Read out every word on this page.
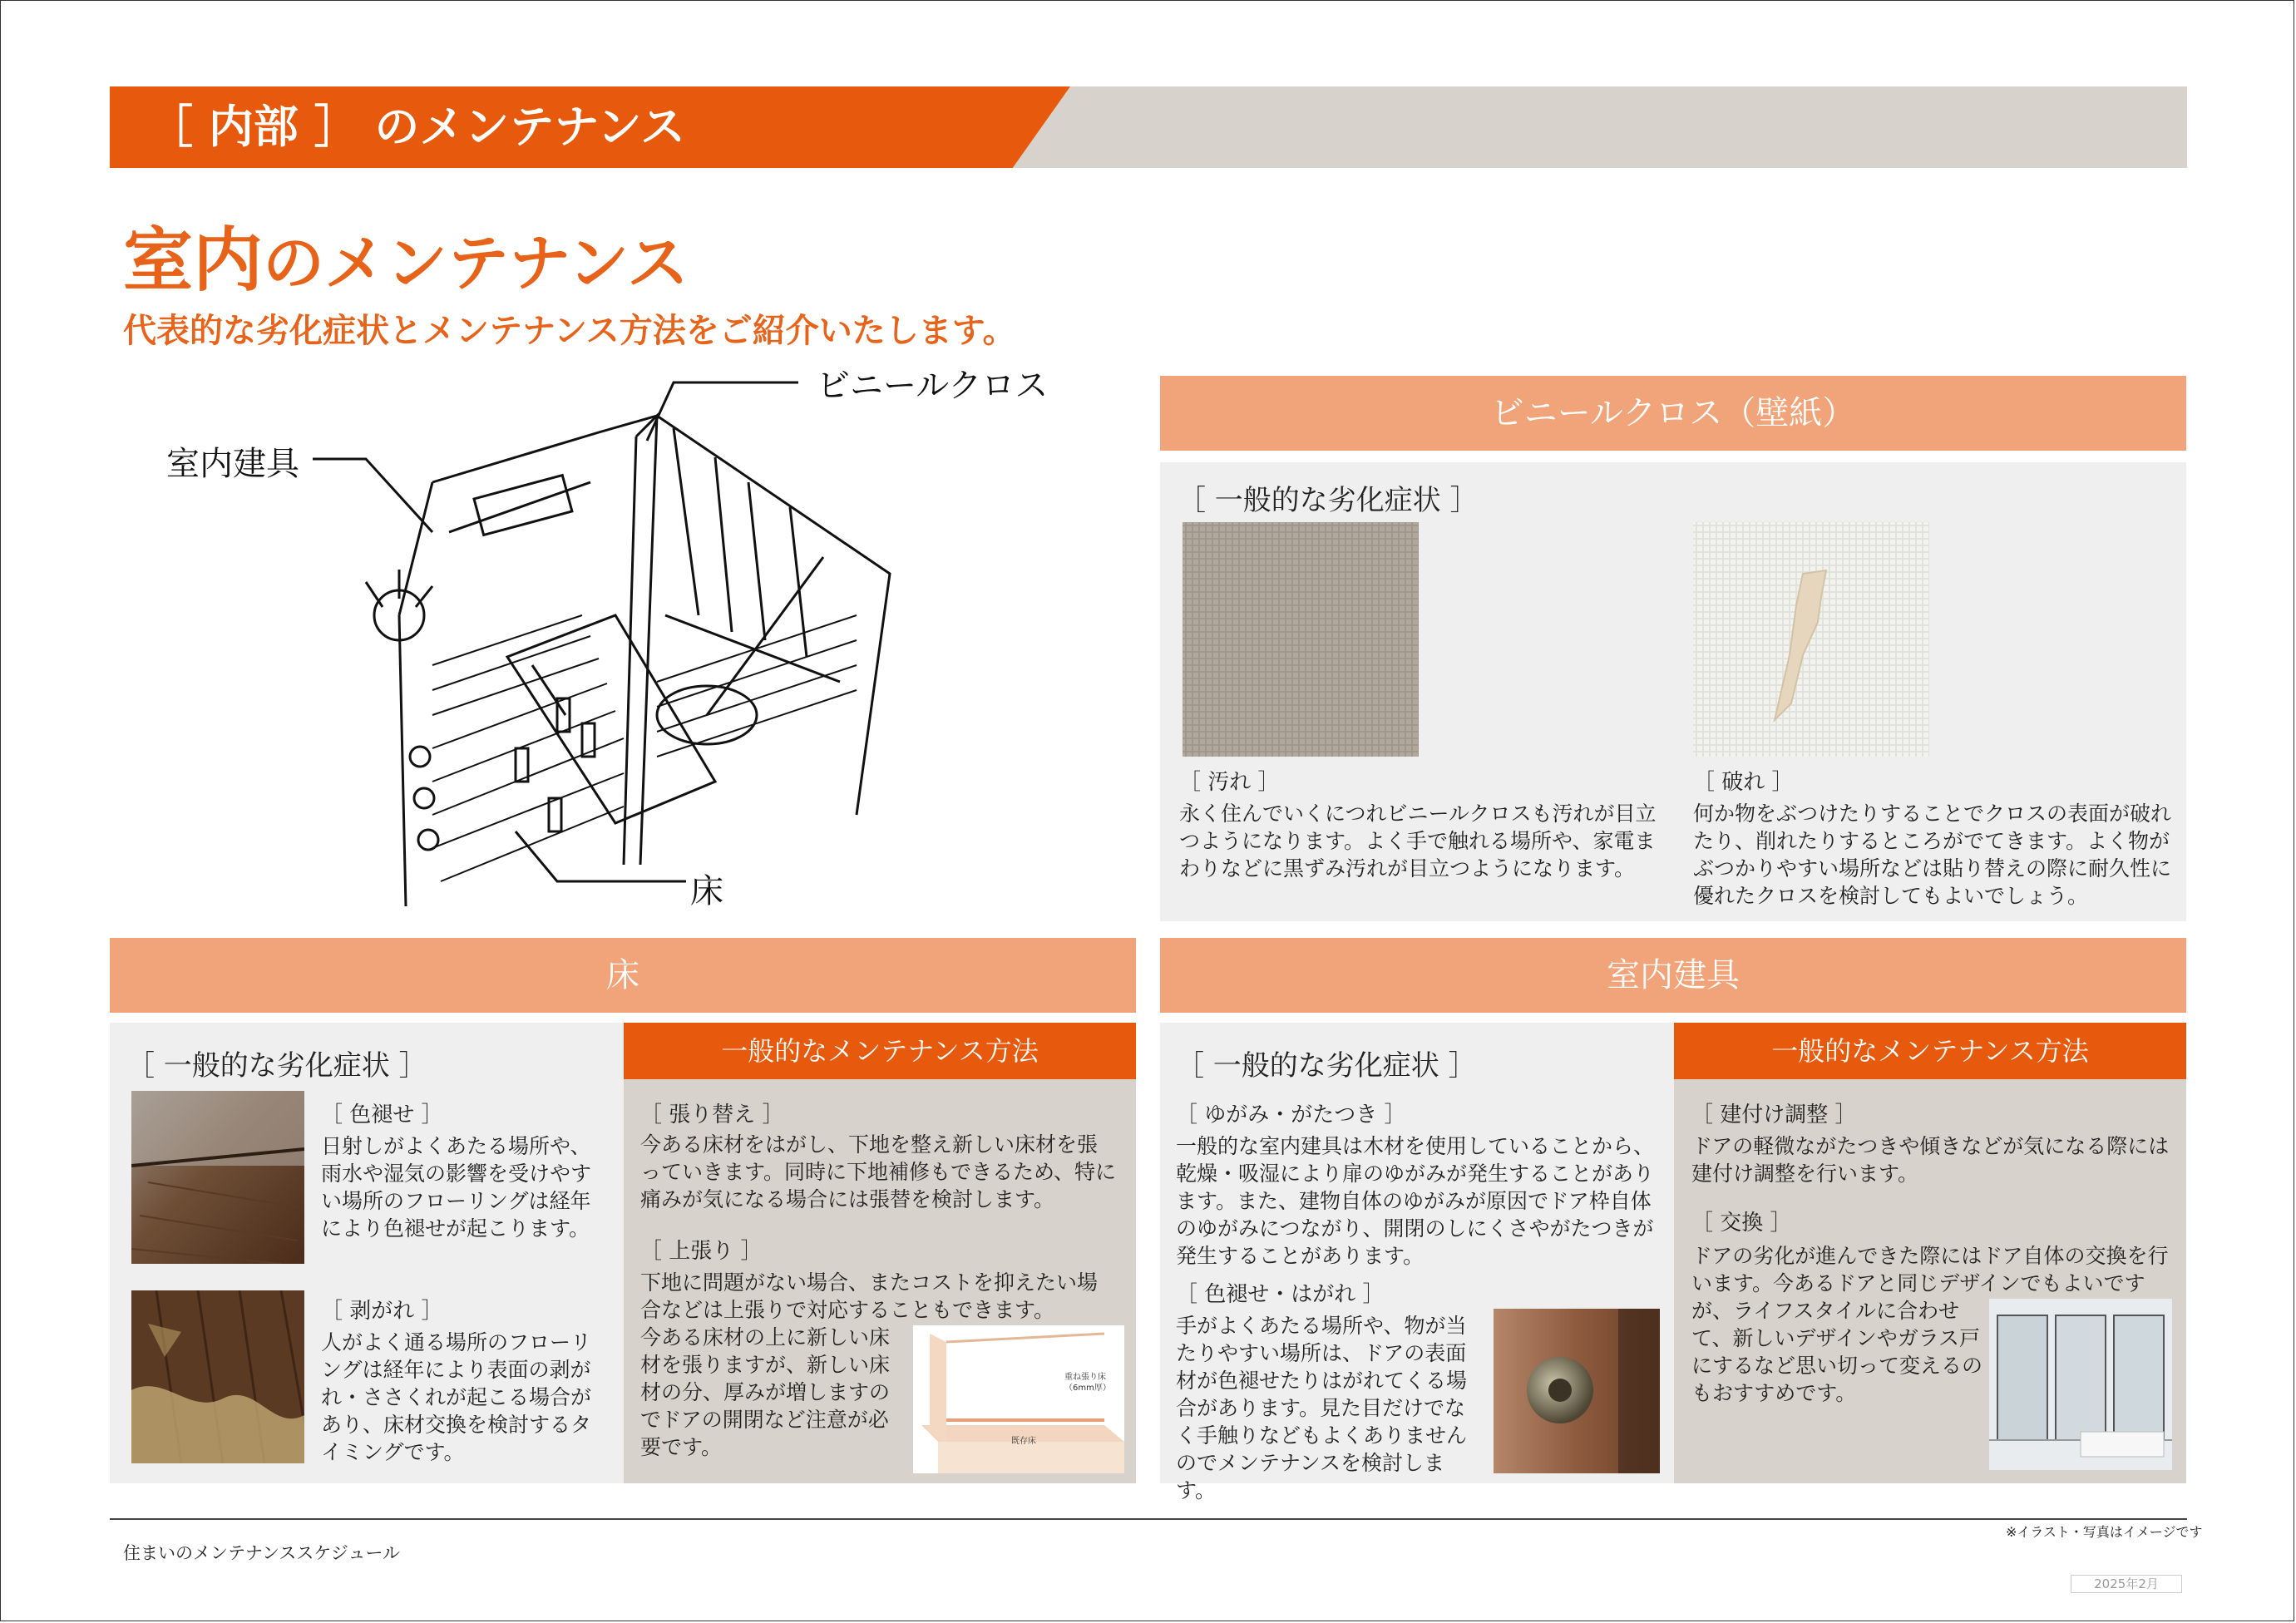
［ 内部 ］ のメンテナンス
室内のメンテナンス
代表的な劣化症状とメンテナンス方法をご紹介いたします。
ビニールクロス
室内建具
床
ビニールクロス（壁紙）
［ 一般的な劣化症状 ］
［ 汚れ ］
永く住んでいくにつれビニールクロスも汚れが目立つようになります。よく手で触れる場所や、家電まわりなどに黒ずみ汚れが目立つようになります。
［ 破れ ］
何か物をぶつけたりすることでクロスの表面が破れたり、削れたりするところがでてきます。よく物がぶつかりやすい場所などは貼り替えの際に耐久性に優れたクロスを検討してもよいでしょう。
床
一般的なメンテナンス方法
［ 一般的な劣化症状 ］
［ 色褪せ ］
日射しがよくあたる場所や、雨水や湿気の影響を受けやすい場所のフローリングは経年により色褪せが起こります。
［ 剥がれ ］
人がよく通る場所のフローリングは経年により表面の剥がれ・ささくれが起こる場合があり、床材交換を検討するタイミングです。
［ 張り替え ］
今ある床材をはがし、下地を整え新しい床材を張っていきます。同時に下地補修もできるため、特に痛みが気になる場合には張替を検討します。
［ 上張り ］
下地に問題がない場合、またコストを抑えたい場合などは上張りで対応することもできます。
今ある床材の上に新しい床材を張りますが、新しい床材の分、厚みが増しますのでドアの開閉など注意が必要です。
重ね張り床（6mm厚）
既存床
室内建具
一般的なメンテナンス方法
［ 一般的な劣化症状 ］
［ ゆがみ・がたつき ］
一般的な室内建具は木材を使用していることから、乾燥・吸湿により扉のゆがみが発生することがあります。また、建物自体のゆがみが原因でドア枠自体のゆがみにつながり、開閉のしにくさやがたつきが発生することがあります。
［ 色褪せ・はがれ ］
手がよくあたる場所や、物が当たりやすい場所は、ドアの表面材が色褪せたりはがれてくる場合があります。見た目だけでなく手触りなどもよくありませんのでメンテナンスを検討します。
［ 建付け調整 ］
ドアの軽微ながたつきや傾きなどが気になる際には建付け調整を行います。
［ 交換 ］
ドアの劣化が進んできた際にはドア自体の交換を行います。今あるドアと同じデザインでもよいです
が、ライフスタイルに合わせて、新しいデザインやガラス戸にするなど思い切って変えるのもおすすめです。
※イラスト・写真はイメージです
住まいのメンテナンススケジュール
2025年2月
